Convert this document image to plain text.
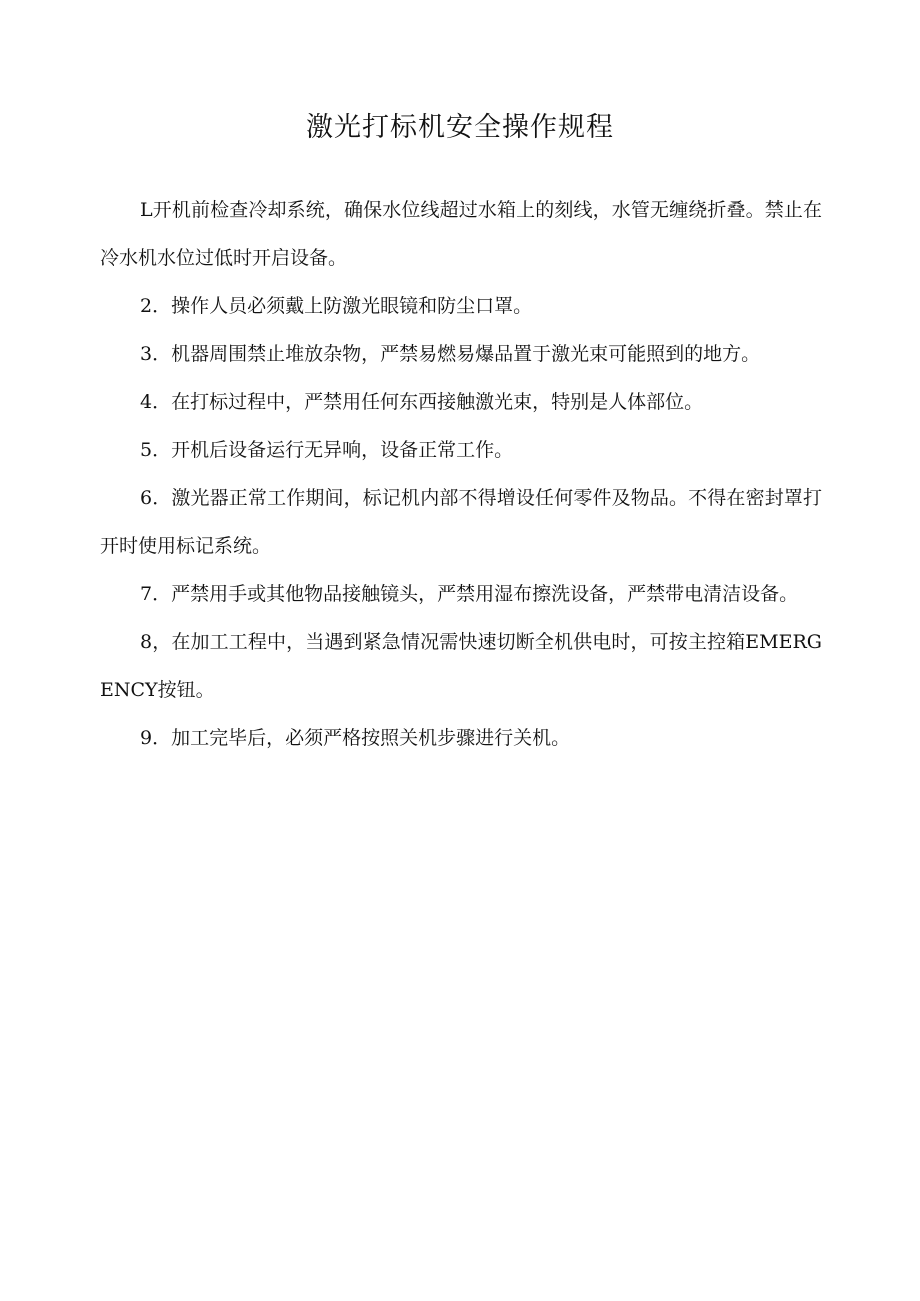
激光打标机安全操作规程

L开机前检查冷却系统，确保水位线超过水箱上的刻线，水管无缠绕折叠。禁止在冷水机水位过低时开启设备。

2．操作人员必须戴上防激光眼镜和防尘口罩。

3．机器周围禁止堆放杂物，严禁易燃易爆品置于激光束可能照到的地方。

4．在打标过程中，严禁用任何东西接触激光束，特别是人体部位。

5．开机后设备运行无异响，设备正常工作。

6．激光器正常工作期间，标记机内部不得增设任何零件及物品。不得在密封罩打开时使用标记系统。

7．严禁用手或其他物品接触镜头，严禁用湿布擦洗设备，严禁带电清洁设备。

8，在加工工程中，当遇到紧急情况需快速切断全机供电时，可按主控箱EMERGENCY按钮。

9．加工完毕后，必须严格按照关机步骤进行关机。
